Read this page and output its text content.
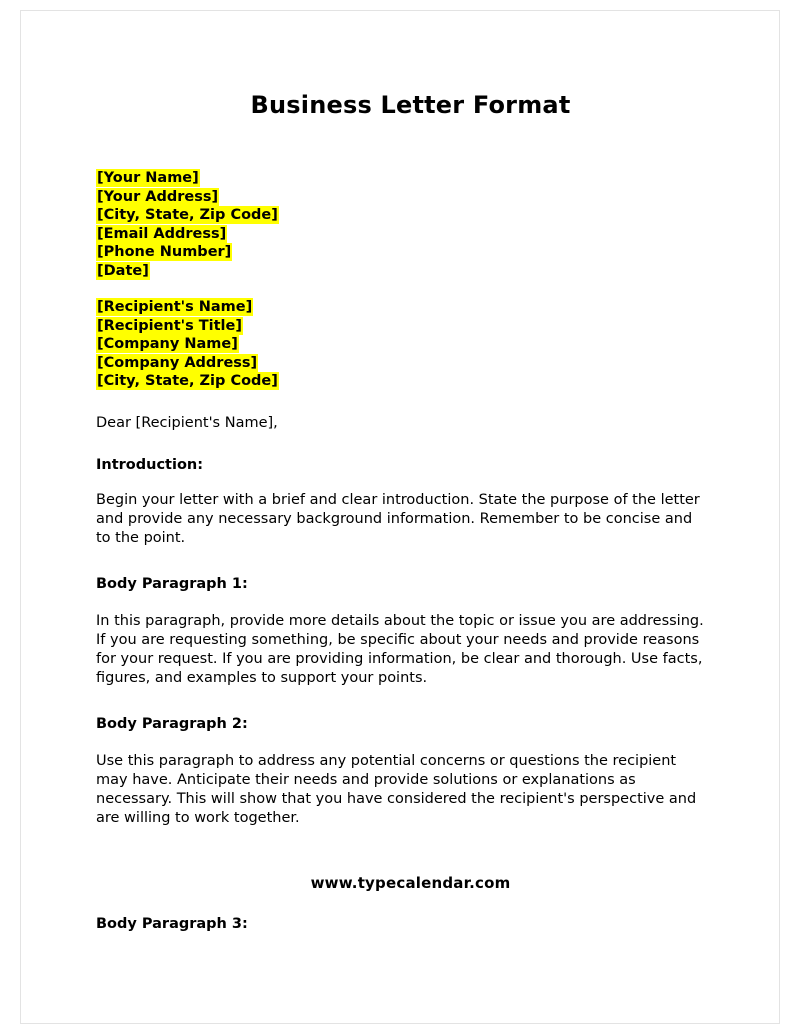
Business Letter Format

[Your Name]

[Your Address]

[City, State, Zip Code]

[Email Address]

[Phone Number]

[Date]

[Recipient's Name]

[Recipient's Title]

[Company Name]

[Company Address]

[City, State, Zip Code]

Dear [Recipient's Name],

Introduction:

Begin your letter with a brief and clear introduction. State the purpose of the letter and provide any necessary background information. Remember to be concise and to the point.

Body Paragraph 1:

In this paragraph, provide more details about the topic or issue you are addressing. If you are requesting something, be specific about your needs and provide reasons for your request. If you are providing information, be clear and thorough. Use facts, figures, and examples to support your points.

Body Paragraph 2:

Use this paragraph to address any potential concerns or questions the recipient may have. Anticipate their needs and provide solutions or explanations as necessary. This will show that you have considered the recipient's perspective and are willing to work together.

www.typecalendar.com

Body Paragraph 3:
